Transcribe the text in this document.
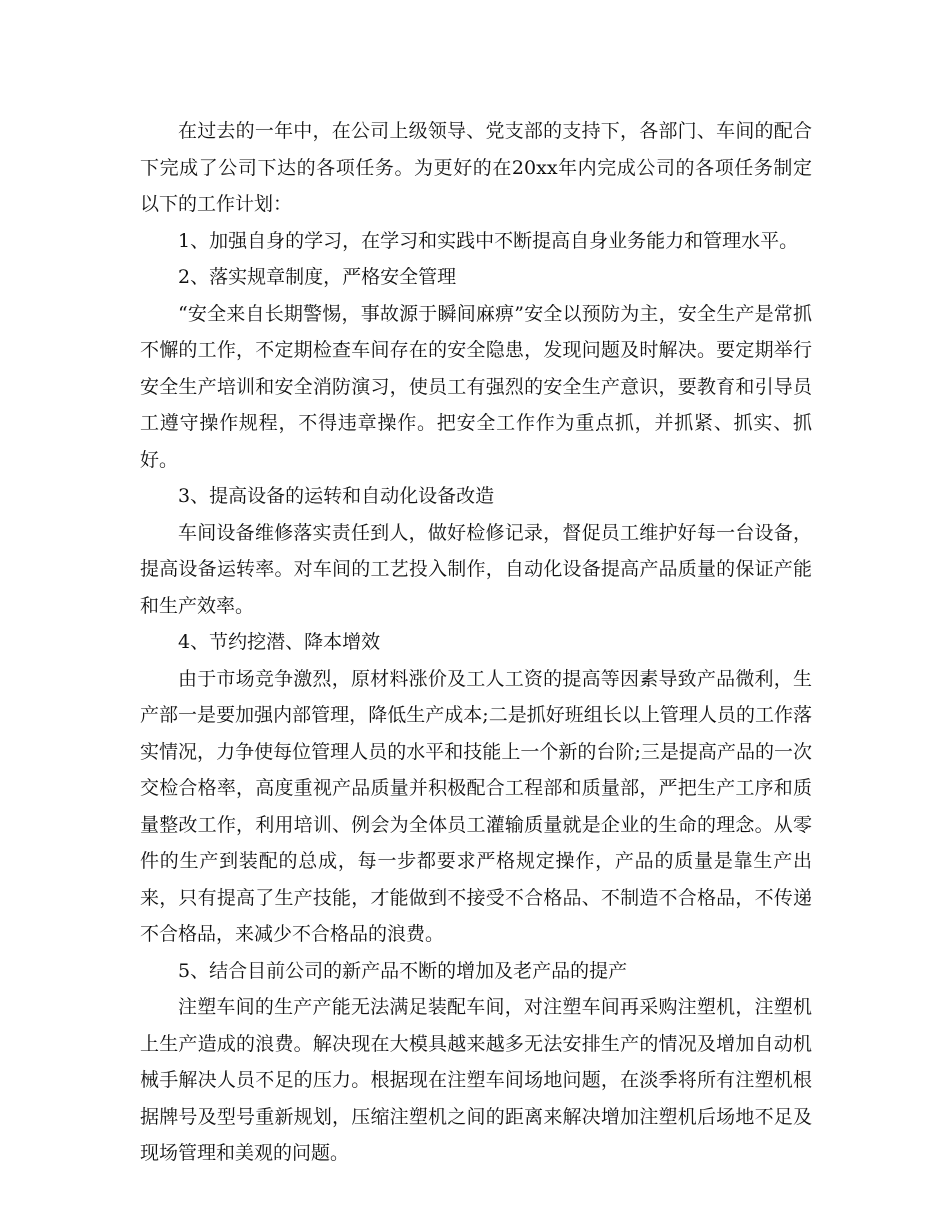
在过去的一年中，在公司上级领导、党支部的支持下，各部门、车间的配合下完成了公司下达的各项任务。为更好的在20xx年内完成公司的各项任务制定以下的工作计划：

1、加强自身的学习，在学习和实践中不断提高自身业务能力和管理水平。

2、落实规章制度，严格安全管理

“安全来自长期警惕，事故源于瞬间麻痹”安全以预防为主，安全生产是常抓不懈的工作，不定期检查车间存在的安全隐患，发现问题及时解决。要定期举行安全生产培训和安全消防演习，使员工有强烈的安全生产意识，要教育和引导员工遵守操作规程，不得违章操作。把安全工作作为重点抓，并抓紧、抓实、抓好。

3、提高设备的运转和自动化设备改造

车间设备维修落实责任到人，做好检修记录，督促员工维护好每一台设备，提高设备运转率。对车间的工艺投入制作，自动化设备提高产品质量的保证产能和生产效率。

4、节约挖潜、降本增效

由于市场竞争激烈，原材料涨价及工人工资的提高等因素导致产品微利，生产部一是要加强内部管理，降低生产成本;二是抓好班组长以上管理人员的工作落实情况，力争使每位管理人员的水平和技能上一个新的台阶;三是提高产品的一次交检合格率，高度重视产品质量并积极配合工程部和质量部，严把生产工序和质量整改工作，利用培训、例会为全体员工灌输质量就是企业的生命的理念。从零件的生产到装配的总成，每一步都要求严格规定操作，产品的质量是靠生产出来，只有提高了生产技能，才能做到不接受不合格品、不制造不合格品，不传递不合格品，来减少不合格品的浪费。

5、结合目前公司的新产品不断的增加及老产品的提产

注塑车间的生产产能无法满足装配车间，对注塑车间再采购注塑机，注塑机上生产造成的浪费。解决现在大模具越来越多无法安排生产的情况及增加自动机械手解决人员不足的压力。根据现在注塑车间场地问题，在淡季将所有注塑机根据牌号及型号重新规划，压缩注塑机之间的距离来解决增加注塑机后场地不足及现场管理和美观的问题。
